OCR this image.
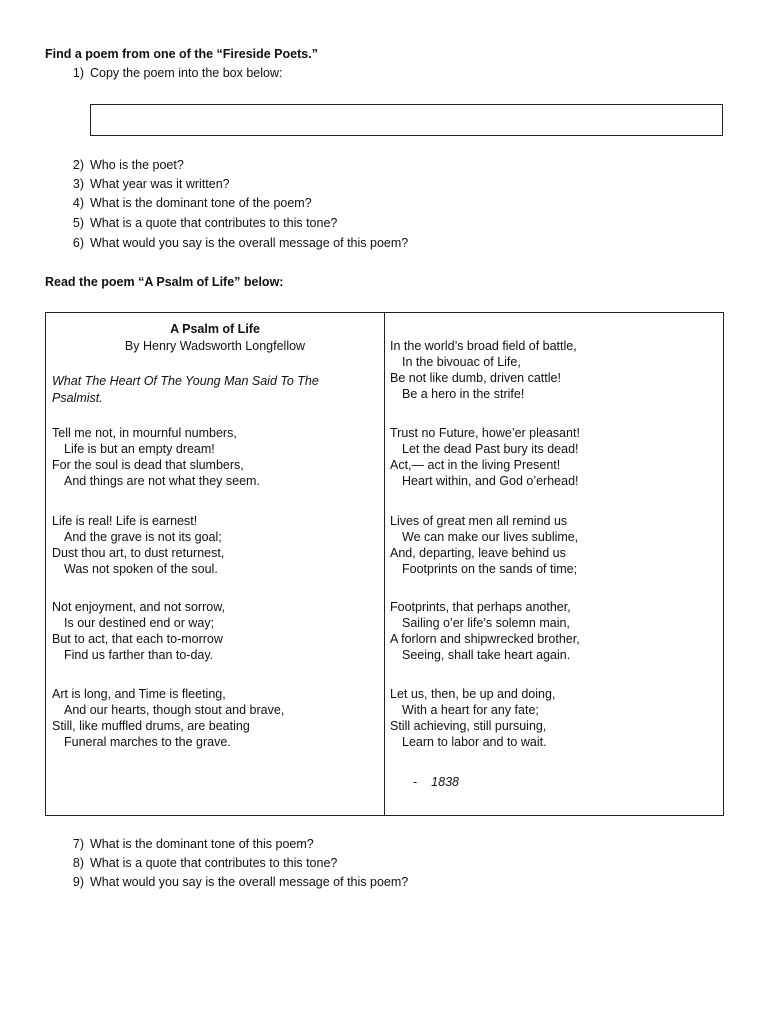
Find a poem from one of the “Fireside Poets.”
1) Copy the poem into the box below:
2) Who is the poet?
3) What year was it written?
4) What is the dominant tone of the poem?
5) What is a quote that contributes to this tone?
6) What would you say is the overall message of this poem?
Read the poem “A Psalm of Life” below:
A Psalm of Life
By Henry Wadsworth Longfellow
What The Heart Of The Young Man Said To The
Psalmist.
Tell me not, in mournful numbers,
Life is but an empty dream!
For the soul is dead that slumbers,
And things are not what they seem.
Life is real! Life is earnest!
And the grave is not its goal;
Dust thou art, to dust returnest,
Was not spoken of the soul.
Not enjoyment, and not sorrow,
Is our destined end or way;
But to act, that each to-morrow
Find us farther than to-day.
Art is long, and Time is fleeting,
And our hearts, though stout and brave,
Still, like muffled drums, are beating
Funeral marches to the grave.
In the world’s broad field of battle,
In the bivouac of Life,
Be not like dumb, driven cattle!
Be a hero in the strife!
Trust no Future, howe’er pleasant!
Let the dead Past bury its dead!
Act,— act in the living Present!
Heart within, and God o’erhead!
Lives of great men all remind us
We can make our lives sublime,
And, departing, leave behind us
Footprints on the sands of time;
Footprints, that perhaps another,
Sailing o’er life’s solemn main,
A forlorn and shipwrecked brother,
Seeing, shall take heart again.
Let us, then, be up and doing,
With a heart for any fate;
Still achieving, still pursuing,
Learn to labor and to wait.
- 1838
7) What is the dominant tone of this poem?
8) What is a quote that contributes to this tone?
9) What would you say is the overall message of this poem?
